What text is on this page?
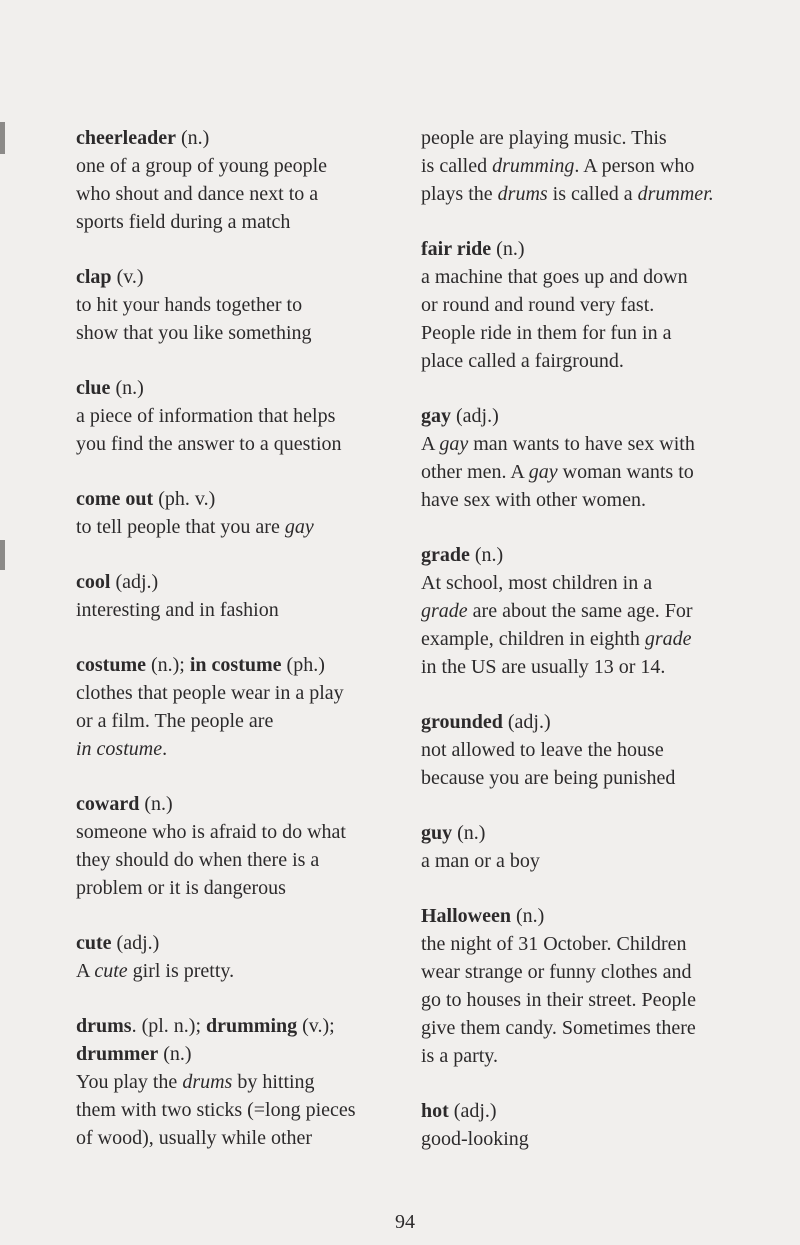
cheerleader (n.)
one of a group of young people
who shout and dance next to a
sports field during a match
clap (v.)
to hit your hands together to
show that you like something
clue (n.)
a piece of information that helps
you find the answer to a question
come out (ph. v.)
to tell people that you are gay
cool (adj.)
interesting and in fashion
costume (n.); in costume (ph.)
clothes that people wear in a play
or a film. The people are
in costume.
coward (n.)
someone who is afraid to do what
they should do when there is a
problem or it is dangerous
cute (adj.)
A cute girl is pretty.
drums. (pl. n.); drumming (v.);
drummer (n.)
You play the drums by hitting
them with two sticks (=long pieces
of wood), usually while other
people are playing music. This
is called drumming. A person who
plays the drums is called a drummer.
fair ride (n.)
a machine that goes up and down
or round and round very fast.
People ride in them for fun in a
place called a fairground.
gay (adj.)
A gay man wants to have sex with
other men. A gay woman wants to
have sex with other women.
grade (n.)
At school, most children in a
grade are about the same age. For
example, children in eighth grade
in the US are usually 13 or 14.
grounded (adj.)
not allowed to leave the house
because you are being punished
guy (n.)
a man or a boy
Halloween (n.)
the night of 31 October. Children
wear strange or funny clothes and
go to houses in their street. People
give them candy. Sometimes there
is a party.
hot (adj.)
good-looking
94
